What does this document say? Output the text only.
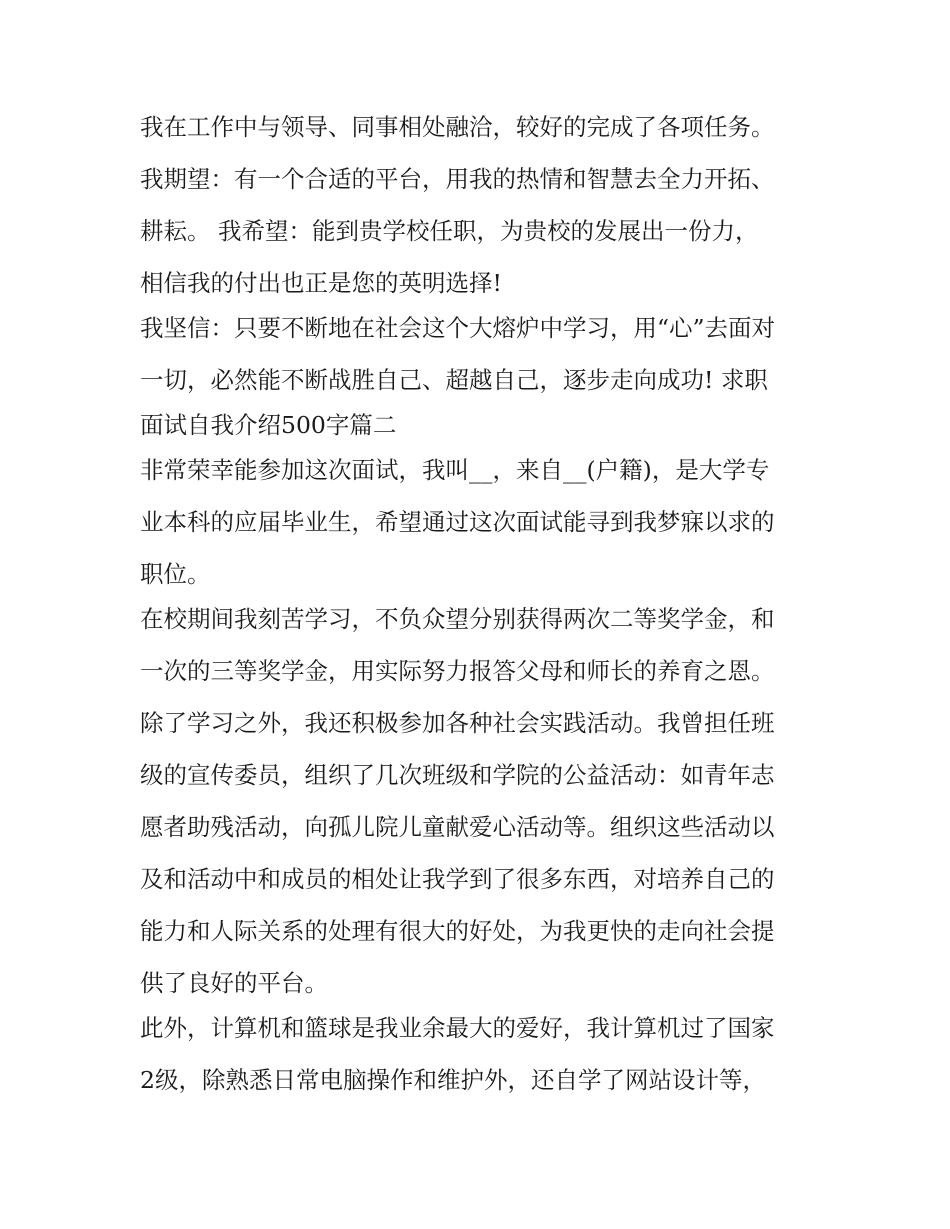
我在工作中与领导、同事相处融洽，较好的完成了各项任务。
我期望：有一个合适的平台，用我的热情和智慧去全力开拓、
耕耘。 我希望：能到贵学校任职，为贵校的发展出一份力，
相信我的付出也正是您的英明选择!
我坚信：只要不断地在社会这个大熔炉中学习，用“心”去面对
一切，必然能不断战胜自己、超越自己，逐步走向成功! 求职
面试自我介绍500字篇二
非常荣幸能参加这次面试，我叫__，来自__(户籍)，是大学专
业本科的应届毕业生，希望通过这次面试能寻到我梦寐以求的
职位。
在校期间我刻苦学习，不负众望分别获得两次二等奖学金，和
一次的三等奖学金，用实际努力报答父母和师长的养育之恩。
除了学习之外，我还积极参加各种社会实践活动。我曾担任班
级的宣传委员，组织了几次班级和学院的公益活动：如青年志
愿者助残活动，向孤儿院儿童献爱心活动等。组织这些活动以
及和活动中和成员的相处让我学到了很多东西，对培养自己的
能力和人际关系的处理有很大的好处，为我更快的走向社会提
供了良好的平台。
此外，计算机和篮球是我业余最大的爱好，我计算机过了国家
2级，除熟悉日常电脑操作和维护外，还自学了网站设计等，
